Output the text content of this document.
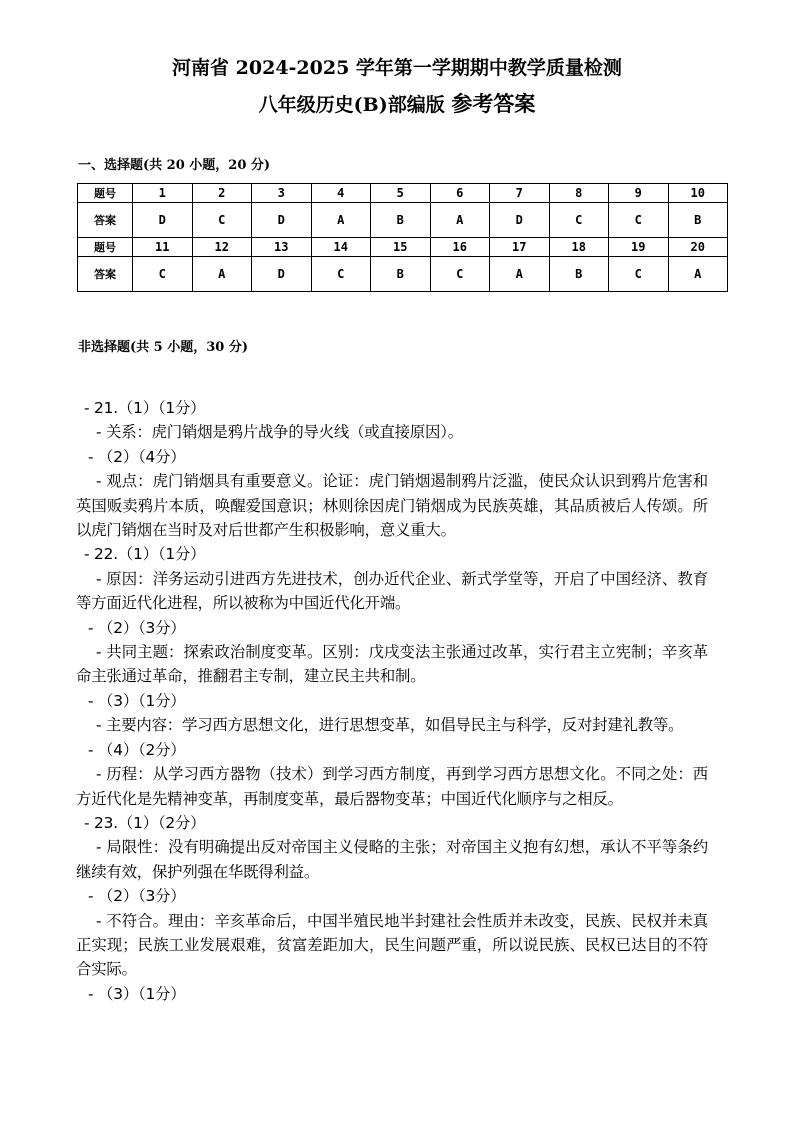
河南省 2024-2025 学年第一学期期中教学质量检测
八年级历史(B)部编版 参考答案
一、选择题(共 20 小题，20 分)
题号	1	2	3	4	5	6	7	8	9	10
答案	D	C	D	A	B	A	D	C	C	B
题号	11	12	13	14	15	16	17	18	19	20
答案	C	A	D	C	B	C	A	B	C	A
非选择题(共 5 小题，30 分)

- 21.（1）（1分）

- 关系：虎门销烟是鸦片战争的导火线（或直接原因）。

- （2）（4分）

- 观点：虎门销烟具有重要意义。论证：虎门销烟遏制鸦片泛滥，使民众认识到鸦片危害和英国贩卖鸦片本质，唤醒爱国意识；林则徐因虎门销烟成为民族英雄，其品质被后人传颂。所以虎门销烟在当时及对后世都产生积极影响，意义重大。

- 22.（1）（1分）

- 原因：洋务运动引进西方先进技术，创办近代企业、新式学堂等，开启了中国经济、教育等方面近代化进程，所以被称为中国近代化开端。

- （2）（3分）

- 共同主题：探索政治制度变革。区别：戊戌变法主张通过改革，实行君主立宪制；辛亥革命主张通过革命，推翻君主专制，建立民主共和制。

- （3）（1分）

- 主要内容：学习西方思想文化，进行思想变革，如倡导民主与科学，反对封建礼教等。

- （4）（2分）

- 历程：从学习西方器物（技术）到学习西方制度，再到学习西方思想文化。不同之处：西方近代化是先精神变革，再制度变革，最后器物变革；中国近代化顺序与之相反。

- 23.（1）（2分）

- 局限性：没有明确提出反对帝国主义侵略的主张；对帝国主义抱有幻想，承认不平等条约继续有效，保护列强在华既得利益。

- （2）（3分）

- 不符合。理由：辛亥革命后，中国半殖民地半封建社会性质并未改变，民族、民权并未真正实现；民族工业发展艰难，贫富差距加大，民生问题严重，所以说民族、民权已达目的不符合实际。

- （3）（1分）
